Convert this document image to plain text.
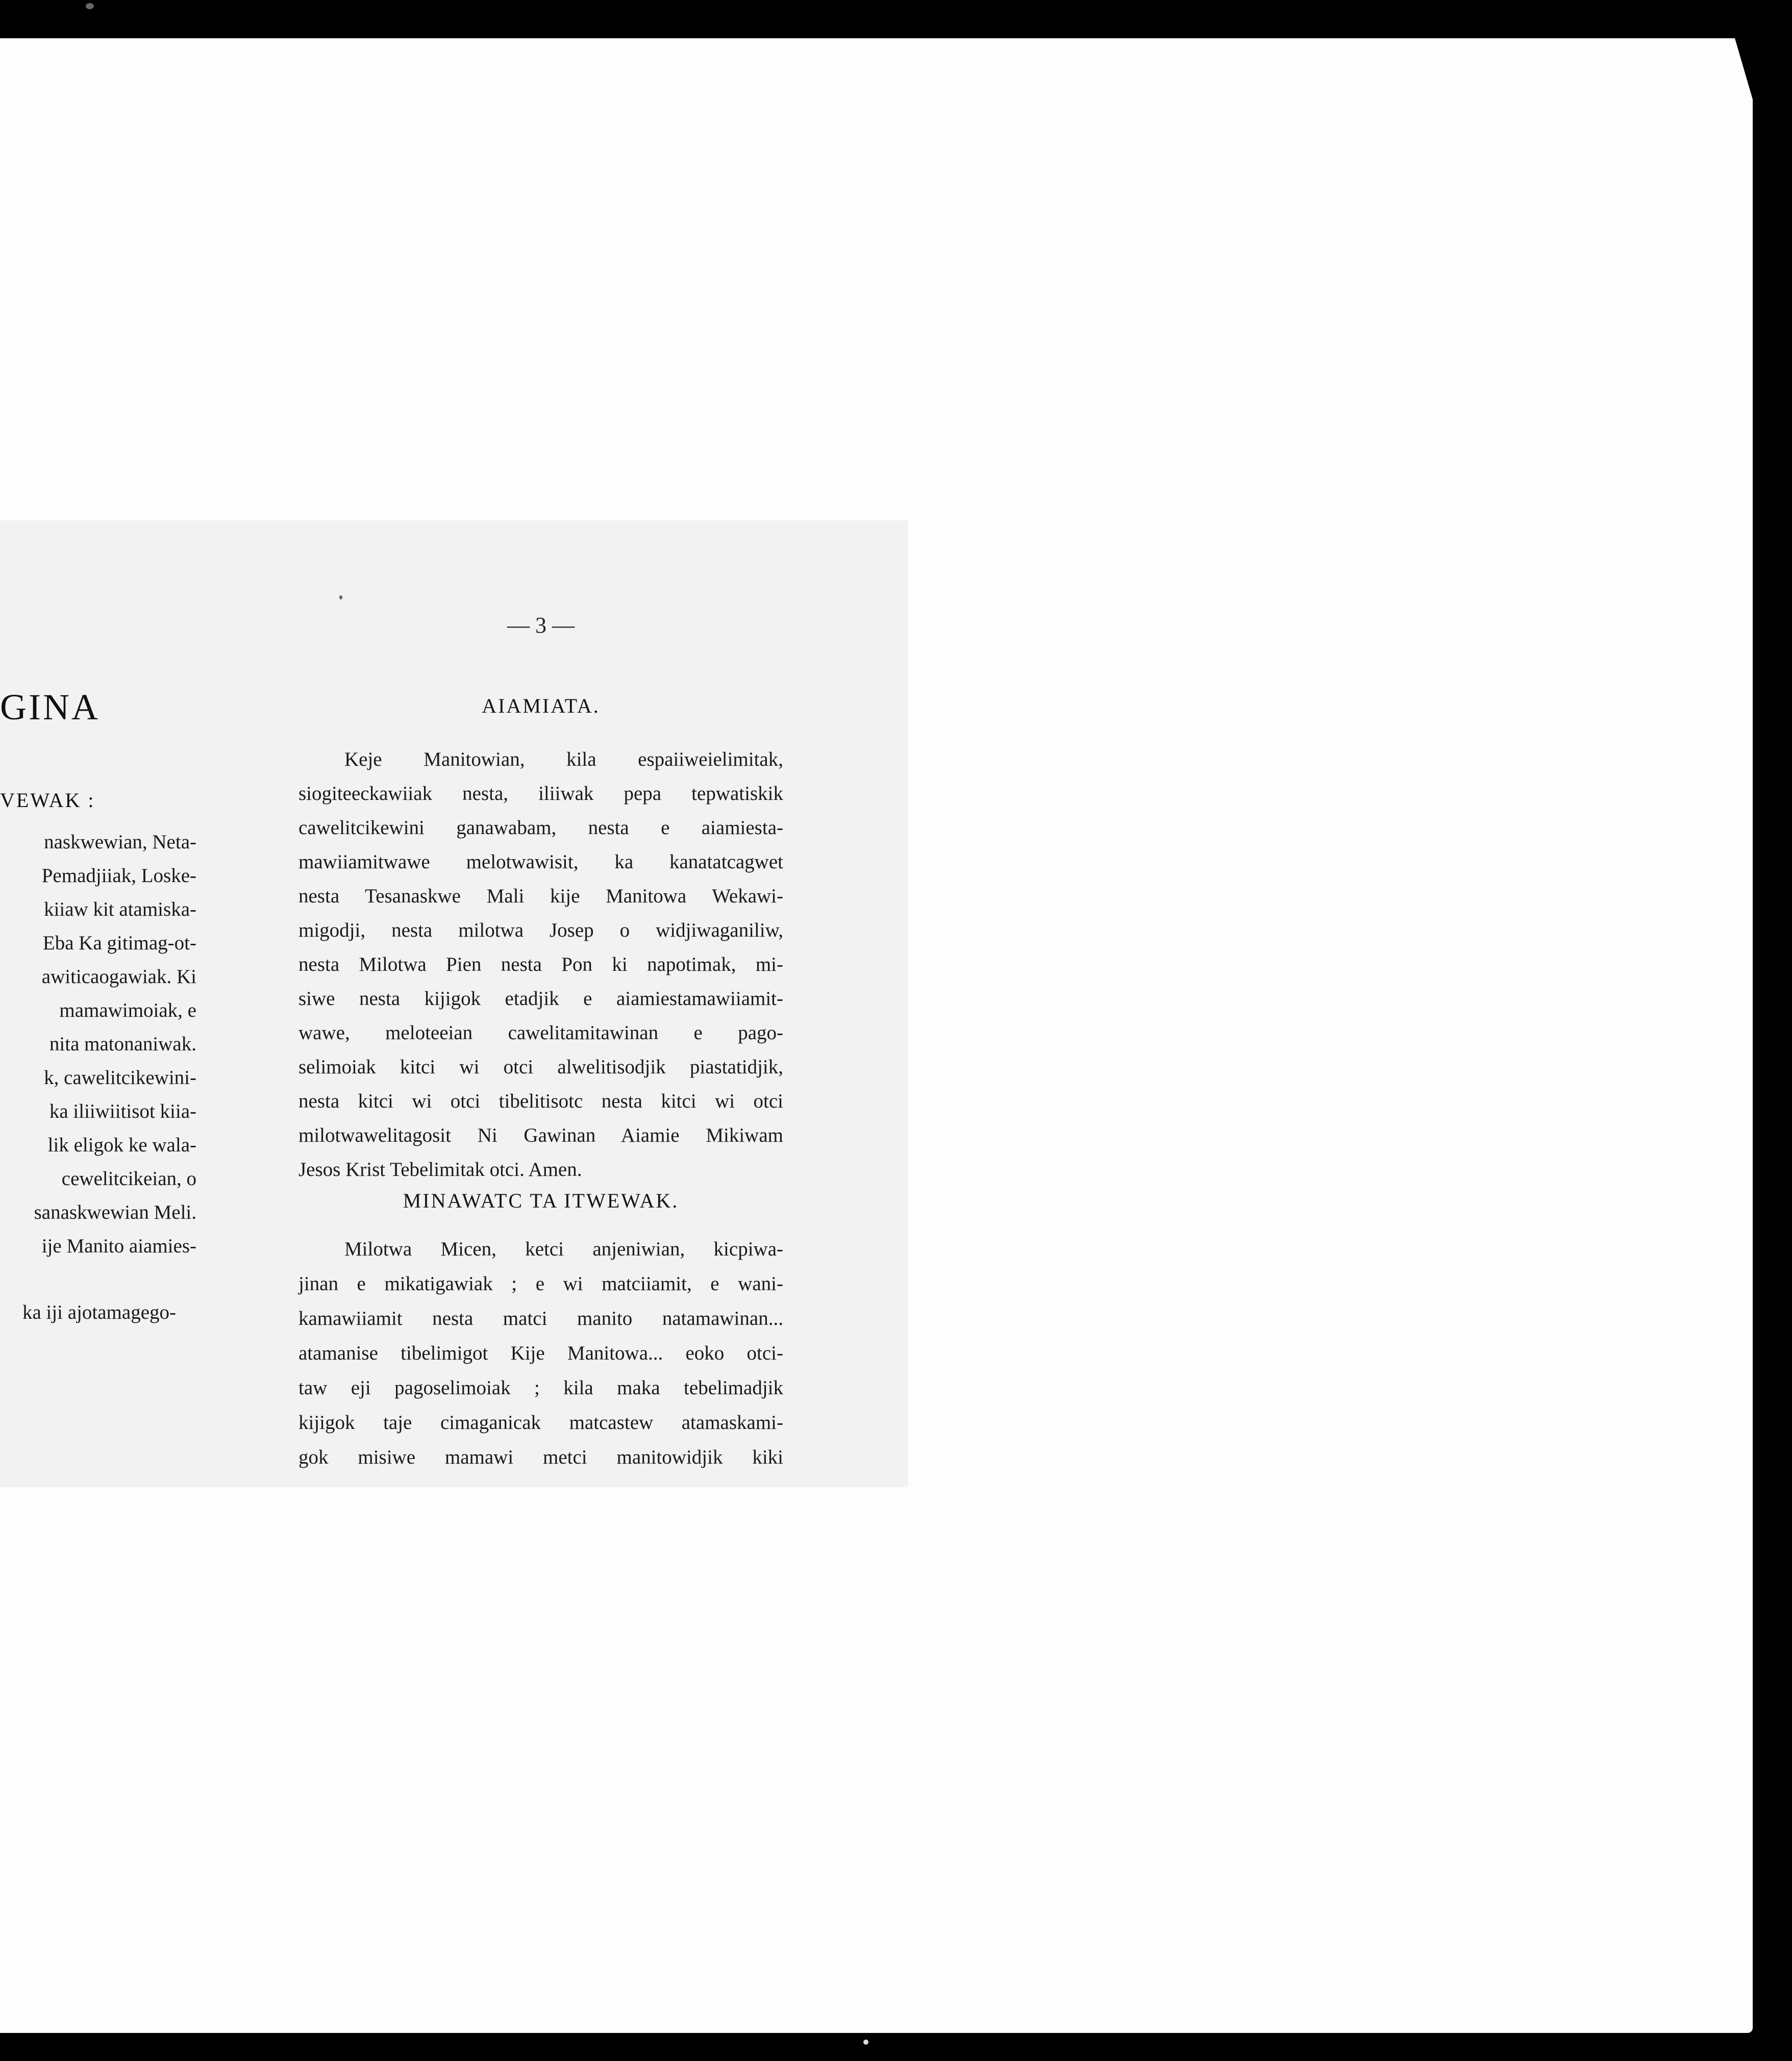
— 3 —
GINA
VEWAK :
naskwewian, Neta-
Pemadjiiak, Loske-
kiiaw kit atamiska-
Eba Ka gitimag-ot-
awiticaogawiak. Ki
mamawimoiak, e
nita matonaniwak.
k, cawelitcikewini-
ka iliiwiitisot kiia-
lik eligok ke wala-
cewelitcikeian, o
sanaskwewian Meli.
ije Manito aiamies-
ka iji ajotamagego-
AIAMIATA.
Keje Manitowian, kila espaiiweielimitak,
siogiteeckawiiak nesta, iliiwak pepa tepwatiskik
cawelitcikewini ganawabam, nesta e aiamiesta-
mawiiamitwawe melotwawisit, ka kanatatcagwet
nesta Tesanaskwe Mali kije Manitowa Wekawi-
migodji, nesta milotwa Josep o widjiwaganiliw,
nesta Milotwa Pien nesta Pon ki napotimak, mi-
siwe nesta kijigok etadjik e aiamiestamawiiamit-
wawe, meloteeian cawelitamitawinan e pago-
selimoiak kitci wi otci alwelitisodjik piastatidjik,
nesta kitci wi otci tibelitisotc nesta kitci wi otci
milotwawelitagosit Ni Gawinan Aiamie Mikiwam
Jesos Krist Tebelimitak otci. Amen.
MINAWATC TA ITWEWAK.
Milotwa Micen, ketci anjeniwian, kicpiwa-
jinan e mikatigawiak ; e wi matciiamit, e wani-
kamawiiamit nesta matci manito natamawinan...
atamanise tibelimigot Kije Manitowa... eoko otci-
taw eji pagoselimoiak ; kila maka tebelimadjik
kijigok taje cimaganicak matcastew atamaskami-
gok misiwe mamawi metci manitowidjik kiki
